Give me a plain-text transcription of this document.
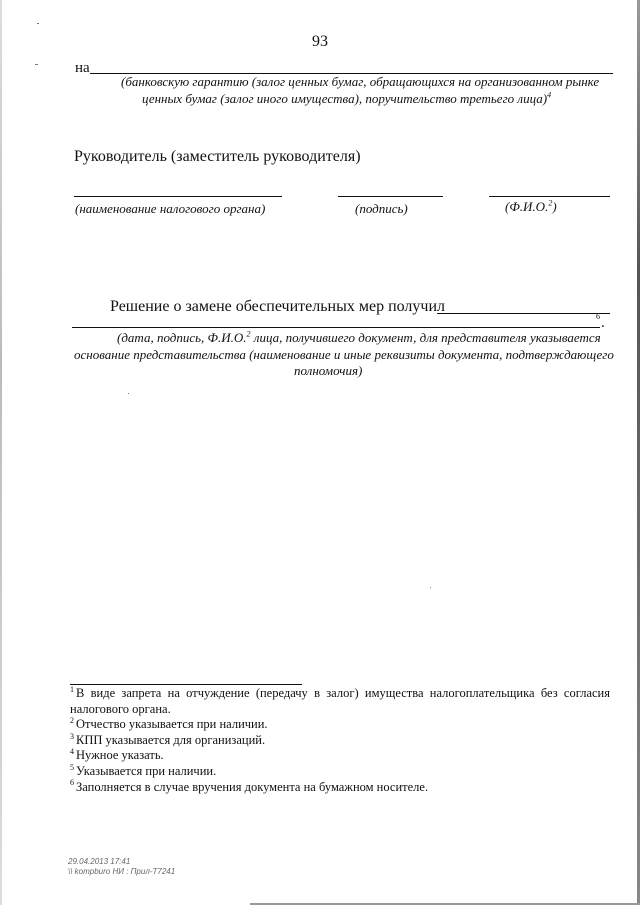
93
на
(банковскую гарантию (залог ценных бумаг, обращающихся на организованном рынке
ценных бумаг (залог иного имущества), поручительство третьего лица)$^4$
Руководитель (заместитель руководителя)
(наименование налогового органа)	(подпись)	(Ф.И.О.$^2$)
Решение о замене обеспечительных мер получил
6 .
(дата, подпись, Ф.И.О.$^2$ лица, получившего документ, для представителя указывается
основание представительства (наименование и иные реквизиты документа, подтверждающего
полномочия)

$^1$ В виде запрета на отчуждение (передачу в залог) имущества налогоплательщика без согласия налогового органа.

$^2$ Отчество указывается при наличии.

$^3$ КПП указывается для организаций.

$^4$ Нужное указать.

$^5$ Указывается при наличии.

$^6$ Заполняется в случае вручения документа на бумажном носителе.

29.04.2013 17:41
\\ kompburo НИ : Прил-Т7241
